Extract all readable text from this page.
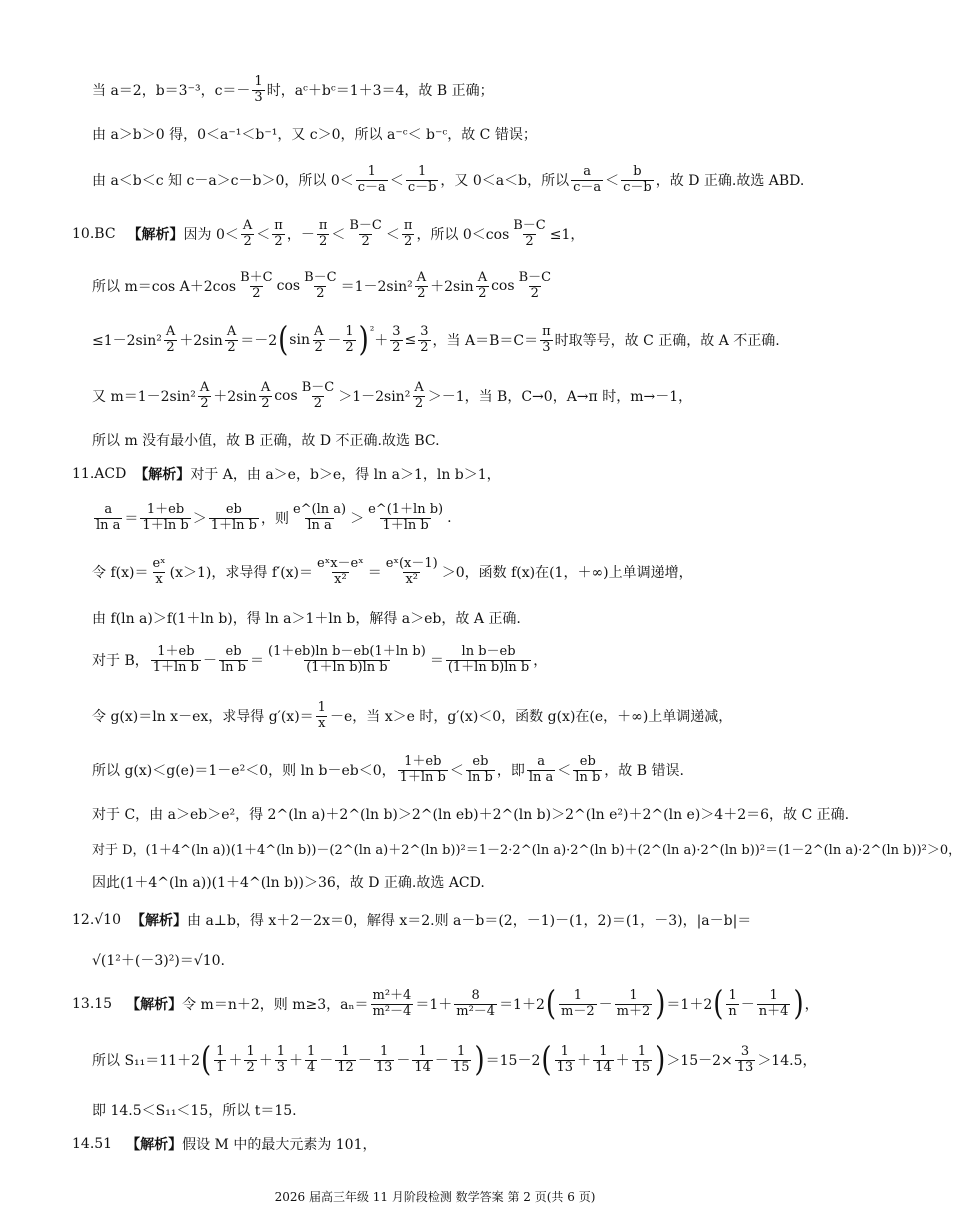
当 a＝2，b＝3⁻³，$c=- \frac{1}{3}$ 时，aᶜ＋bᶜ＝1＋3＝4，故 B 正确；
由 a＞b＞0 得，0＜a⁻¹＜b⁻¹，又 c＞0，所以 a⁻ᶜ＜ b⁻ᶜ，故 C 错误；
由 a＜b＜c 知 c－a＞c－b＞0，所以 $0< \frac{1}{c-a} < \frac{1}{c-b}$ ，又 0＜a＜b，所以 $\frac{a}{c-a} < \frac{b}{c-b}$ ，故 D 正确.故选 ABD.
10.BC 【解析】 因为 $0< \frac{A}{2} < \frac{\pi}{2}$ ，－ $\frac{\pi}{2} < \frac{B-C}{2} < \frac{\pi}{2}$ ，所以 $0<\cos \frac{B-C}{2} \le 1$，
所以 m＝cos $A+2\cos \frac{B+C}{2}$ $\cos \frac{B-C}{2} =1-2\sin^2 \frac{A}{2} +2\sin \frac{A}{2}$ $\cos \frac{B-C}{2}$
$\le 1-2\sin^2 \frac{A}{2} +2\sin \frac{A}{2} =-2$ ( $\sin \frac{A}{2} - \frac{1}{2}$ ) ²
＋ $\frac{3}{2} \le \frac{3}{2}$ ，当 $A=B=C= \frac{\pi}{3}$ 时取等号，故 C 正确，故 A 不正确.
又 $m=1-2\sin^2 \frac{A}{2} +2\sin \frac{A}{2}$ $\cos \frac{B-C}{2} >1-2\sin^2 \frac{A}{2} >-1$，当 B，C→0，A→π 时，m→－1，
所以 m 没有最小值，故 B 正确，故 D 不正确.故选 BC.
11.ACD 【解析】 对于 A，由 a＞e，b＞e，得 ln a＞1，ln b＞1，
$\frac{a}{\text{ln a}} = \frac{1+eb}{\text{1＋ln b}} > \frac{eb}{\text{1＋ln b}}$ ，则 $\frac{\text{e\textasciicircum{}(ln a)}}{\text{ln a}} > \frac{\text{e\textasciicircum{}(1＋ln b)}}{\text{1＋ln b}}$ .
令 $f(x)= \frac{\text{eˣ}}{x} (x>1)$，求导得 $f'(x)= \frac{\text{eˣx－eˣ}}{\text{x²}} = \frac{\text{eˣ(x－1)}}{\text{x²}} >0$，函数 f(x)在(1，＋∞)上单调递增，
由 f(ln a)＞f(1＋ln b)，得 ln a＞1＋ln b，解得 a＞eb，故 A 正确.
对于 B， $\frac{1+eb}{\text{1＋ln b}} - \frac{eb}{\text{ln b}} = \frac{\text{(1＋eb)ln b－eb(1＋ln b)}}{\text{(1＋ln b)ln b}} = \frac{\text{ln b－eb}}{\text{(1＋ln b)ln b}}$ ，
令 g(x)＝ln x－ex，求导得 $g'(x)= \frac{1}{x} -e$，当 x＞e 时，g′(x)＜0，函数 g(x)在(e，＋∞)上单调递减，
所以 g(x)＜g(e)＝1－e²＜0，则 ln b－eb＜0， $\frac{1+eb}{\text{1＋ln b}} < \frac{eb}{\text{ln b}}$ ，即 $\frac{a}{\text{ln a}} < \frac{eb}{\text{ln b}}$ ，故 B 错误.
对于 C，由 a＞eb＞e²，得 2^(ln a)＋2^(ln b)＞2^(ln eb)＋2^(ln b)＞2^(ln e²)＋2^(ln e)＞4＋2＝6，故 C 正确.
对于 D，(1＋4^(ln a))(1＋4^(ln b))－(2^(ln a)＋2^(ln b))²＝1－2·2^(ln a)·2^(ln b)＋(2^(ln a)·2^(ln b))²＝(1－2^(ln a)·2^(ln b))²＞0，
因此(1＋4^(ln a))(1＋4^(ln b))＞36，故 D 正确.故选 ACD.
12.√10 【解析】 由 a⊥b，得 x＋2－2x＝0，解得 x＝2.则 a－b＝(2，－1)－(1，2)＝(1，－3)，|a－b|＝
√(1²＋(－3)²)＝√10.
13.15 【解析】 令 m＝n＋2，则 m≥3，$a_n= \frac{\text{m²＋4}}{\text{m²－4}} =1+ \frac{8}{\text{m²－4}} =1+2$ ( $\frac{1}{m-2} - \frac{1}{m+2}$ ) ＝1＋2 ( $\frac{1}{n} - \frac{1}{n+4}$ ) ，
所以 S₁₁＝11＋2 ( $\frac{1}{1} + \frac{1}{2} + \frac{1}{3} + \frac{1}{4} - \frac{1}{12} - \frac{1}{13} - \frac{1}{14} - \frac{1}{15}$ ) ＝15－2 ( $\frac{1}{13} + \frac{1}{14} + \frac{1}{15}$ ) $>15-2\times \frac{3}{13} >14.5$，
即 14.5＜S₁₁＜15，所以 t＝15.
14.51 【解析】 假设 M 中的最大元素为 101，
2026 届高三年级 11 月阶段检测 数学答案 第 2 页(共 6 页)
